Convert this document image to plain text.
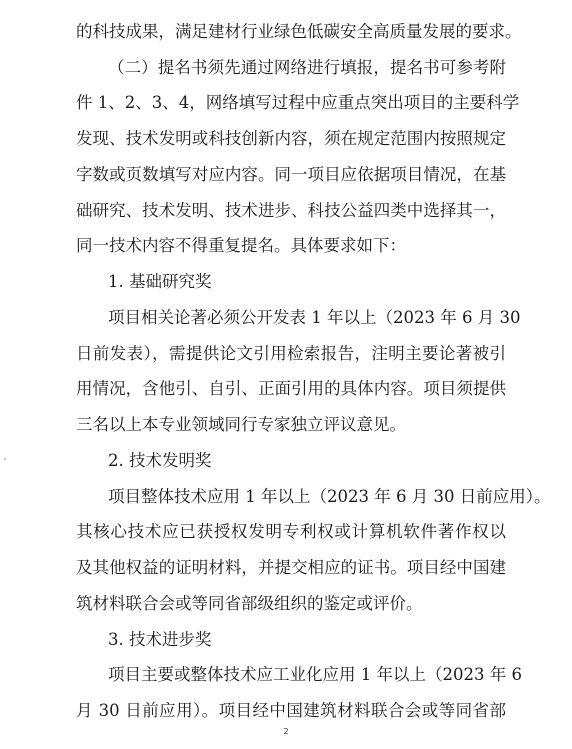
的科技成果，满足建材行业绿色低碳安全高质量发展的要求。
（二）提名书须先通过网络进行填报，提名书可参考附
件 1、2、3、4，网络填写过程中应重点突出项目的主要科学
发现、技术发明或科技创新内容，须在规定范围内按照规定
字数或页数填写对应内容。同一项目应依据项目情况，在基
础研究、技术发明、技术进步、科技公益四类中选择其一，
同一技术内容不得重复提名。具体要求如下：
1. 基础研究奖
项目相关论著必须公开发表 1 年以上（2023 年 6 月 30
日前发表），需提供论文引用检索报告，注明主要论著被引
用情况，含他引、自引、正面引用的具体内容。项目须提供
三名以上本专业领域同行专家独立评议意见。
2. 技术发明奖
项目整体技术应用 1 年以上（2023 年 6 月 30 日前应用）。
其核心技术应已获授权发明专利权或计算机软件著作权以
及其他权益的证明材料，并提交相应的证书。项目经中国建
筑材料联合会或等同省部级组织的鉴定或评价。
3. 技术进步奖
项目主要或整体技术应工业化应用 1 年以上（2023 年 6
月 30 日前应用）。项目经中国建筑材料联合会或等同省部
2
